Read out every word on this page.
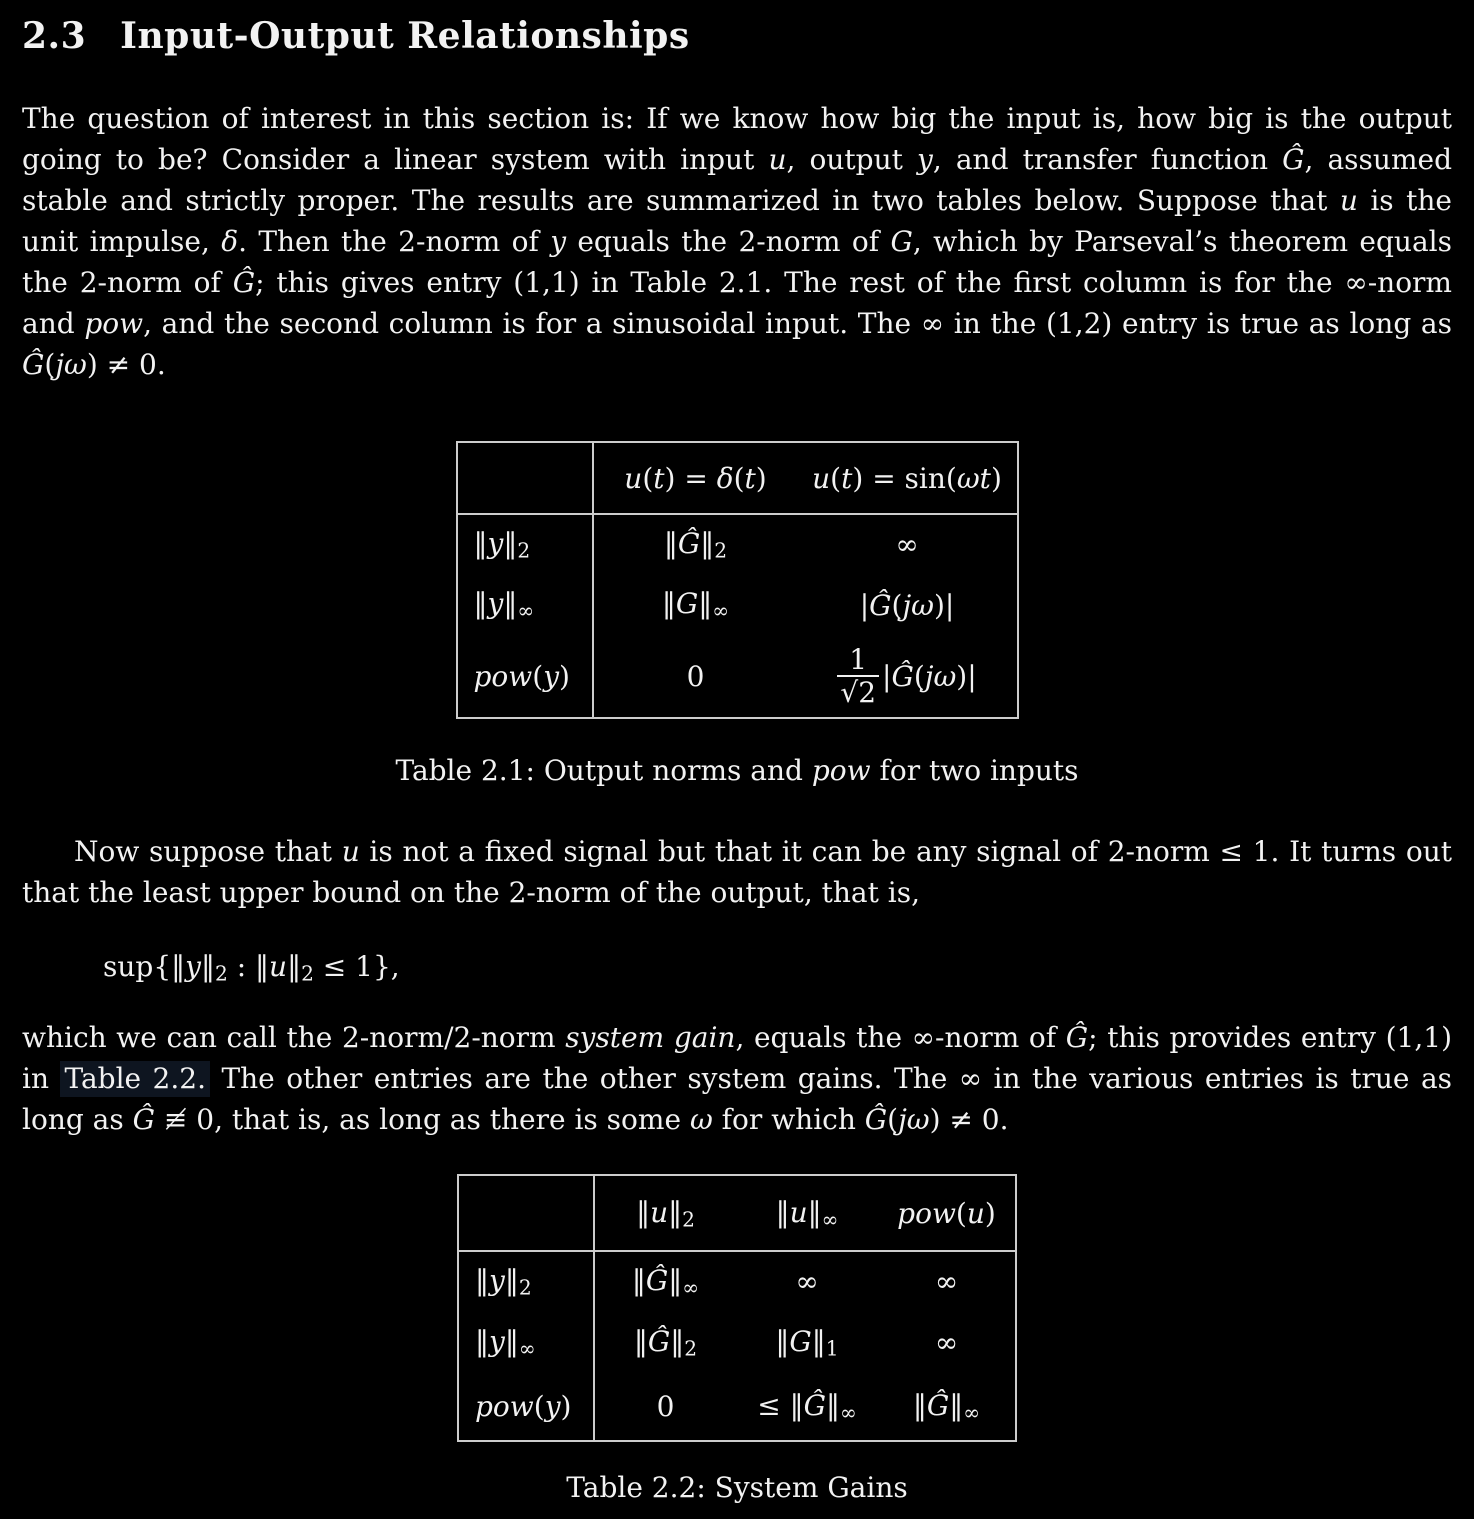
2.3 Input-Output Relationships

The question of interest in this section is: If we know how big the input is, how big is the output going to be? Consider a linear system with input u, output y, and transfer function Ĝ, assumed stable and strictly proper. The results are summarized in two tables below. Suppose that u is the unit impulse, δ. Then the 2-norm of y equals the 2-norm of G, which by Parseval’s theorem equals the 2-norm of Ĝ; this gives entry (1,1) in Table 2.1. The rest of the first column is for the ∞-norm and pow, and the second column is for a sinusoidal input. The ∞ in the (1,2) entry is true as long as Ĝ(jω) ≠ 0.

	u(t) = δ(t)	u(t) = sin(ωt)
‖y‖2	‖Ĝ‖2	∞
‖y‖∞	‖G‖∞	|Ĝ(jω)|
pow(y)	0	$\frac{1}{√2}$ |Ĝ(jω)|
Table 2.1: Output norms and pow for two inputs

Now suppose that u is not a fixed signal but that it can be any signal of 2-norm ≤ 1. It turns out that the least upper bound on the 2-norm of the output, that is,

sup{‖y‖2 : ‖u‖2 ≤ 1},

which we can call the 2-norm/2-norm system gain, equals the ∞-norm of Ĝ; this provides entry (1,1) in Table 2.2. The other entries are the other system gains. The ∞ in the various entries is true as long as Ĝ ≢ 0, that is, as long as there is some ω for which Ĝ(jω) ≠ 0.

	‖u‖2	‖u‖∞	pow(u)
‖y‖2	‖Ĝ‖∞	∞	∞
‖y‖∞	‖Ĝ‖2	‖G‖1	∞
pow(y)	0	≤ ‖Ĝ‖∞	‖Ĝ‖∞
Table 2.2: System Gains
